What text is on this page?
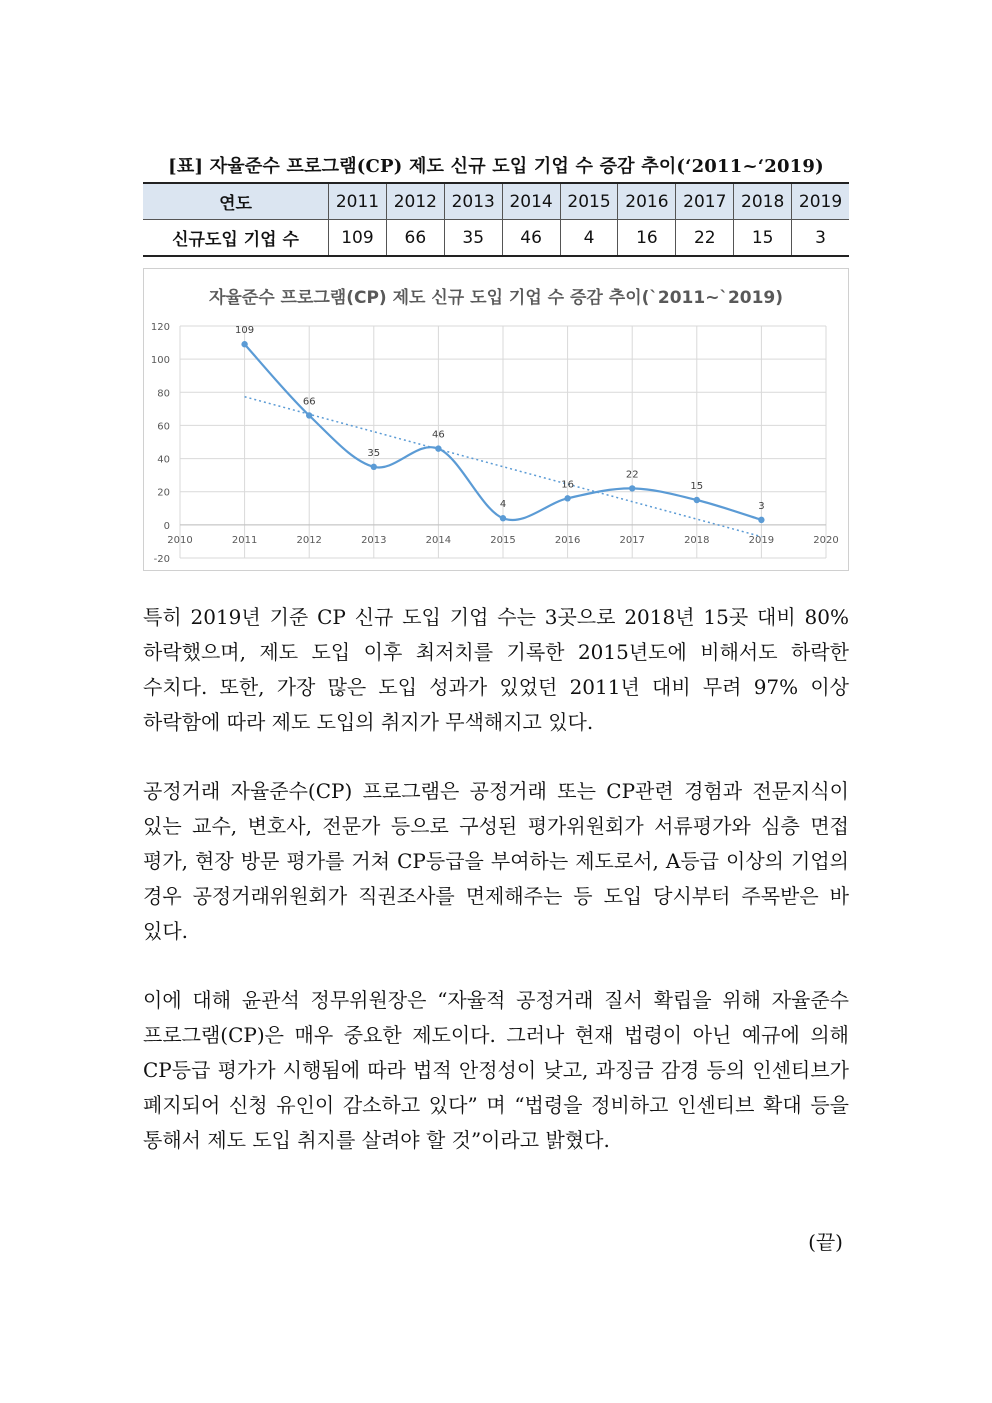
[표] 자율준수 프로그램(CP) 제도 신규 도입 기업 수 증감 추이(‘2011~‘2019)
연도	2011	2012	2013	2014	2015	2016	2017	2018	2019
신규도입 기업 수	109	66	35	46	4	16	22	15	3
자율준수 프로그램(CP) 제도 신규 도입 기업 수 증감 추이(`2011~`2019)
120
100
80
60
40
20
0
-20
2010	2011	2012	2013	2014	2015	2016	2017	2018	2019	2020
109
66
35
46
4
16
22
15
3

특히 2019년 기준 CP 신규 도입 기업 수는 3곳으로 2018년 15곳 대비 80% 하락했으며, 제도 도입 이후 최저치를 기록한 2015년도에 비해서도 하락한 수치다. 또한, 가장 많은 도입 성과가 있었던 2011년 대비 무려 97% 이상 하락함에 따라 제도 도입의 취지가 무색해지고 있다.

공정거래 자율준수(CP) 프로그램은 공정거래 또는 CP관련 경험과 전문지식이 있는 교수, 변호사, 전문가 등으로 구성된 평가위원회가 서류평가와 심층 면접 평가, 현장 방문 평가를 거쳐 CP등급을 부여하는 제도로서, A등급 이상의 기업의 경우 공정거래위원회가 직권조사를 면제해주는 등 도입 당시부터 주목받은 바 있다.

이에 대해 윤관석 정무위원장은 “자율적 공정거래 질서 확립을 위해 자율준수 프로그램(CP)은 매우 중요한 제도이다. 그러나 현재 법령이 아닌 예규에 의해 CP등급 평가가 시행됨에 따라 법적 안정성이 낮고, 과징금 감경 등의 인센티브가 폐지되어 신청 유인이 감소하고 있다” 며 “법령을 정비하고 인센티브 확대 등을 통해서 제도 도입 취지를 살려야 할 것”이라고 밝혔다.

(끝)
